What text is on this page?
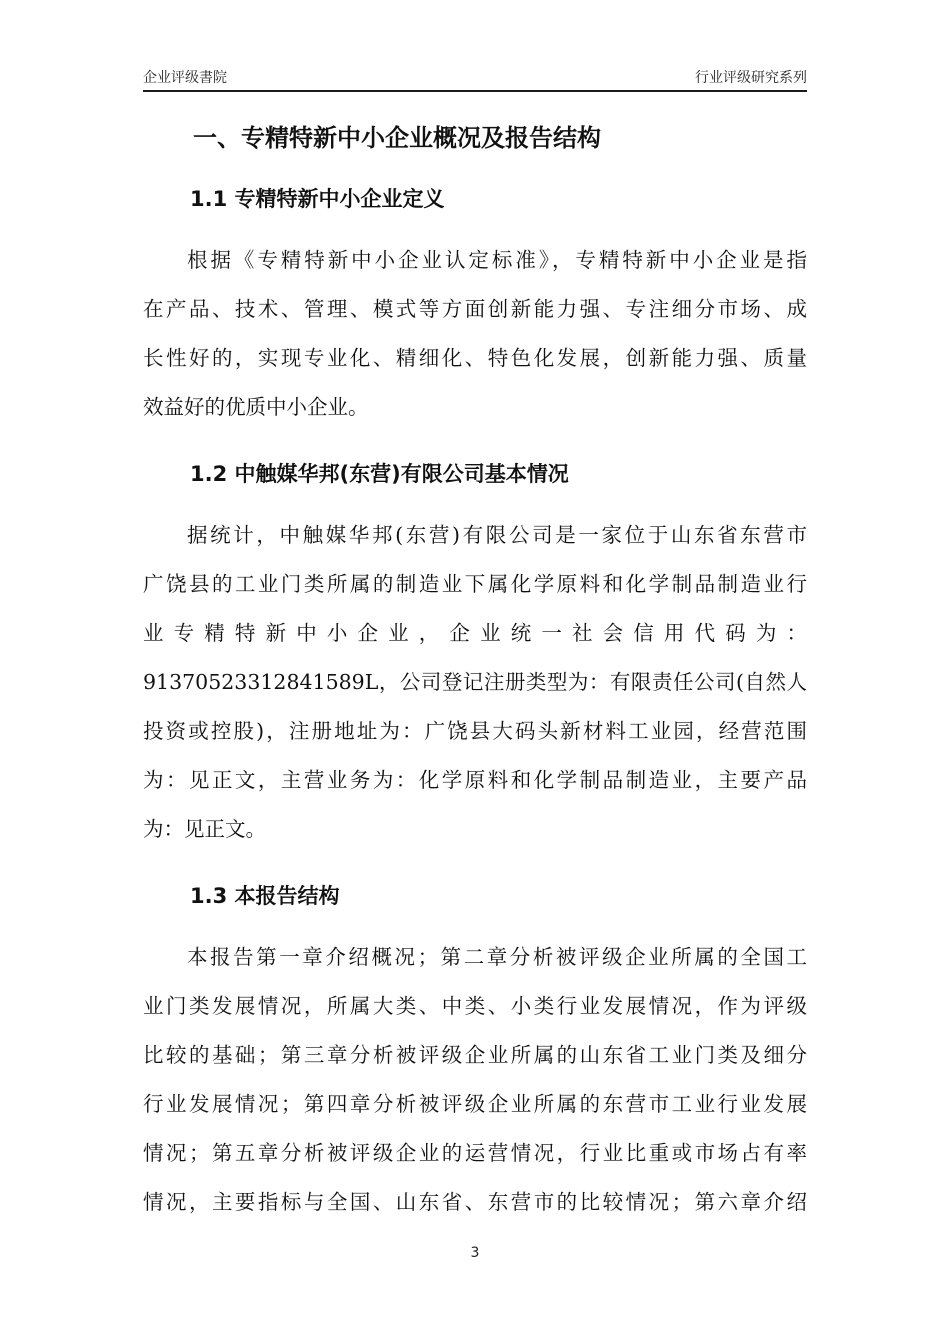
企业评级書院	行业评级研究系列
一、专精特新中小企业概况及报告结构
1.1 专精特新中小企业定义
根据《专精特新中小企业认定标准》，专精特新中小企业是指
在产品、技术、管理、模式等方面创新能力强、专注细分市场、成
长性好的，实现专业化、精细化、特色化发展，创新能力强、质量
效益好的优质中小企业。
1.2 中触媒华邦(东营)有限公司基本情况
据统计，中触媒华邦(东营)有限公司是一家位于山东省东营市
广饶县的工业门类所属的制造业下属化学原料和化学制品制造业行
业 专 精 特 新 中 小 企 业 ， 企 业 统 一 社 会 信 用 代 码 为 ：
91370523312841589L，公司登记注册类型为：有限责任公司(自然人
投资或控股)，注册地址为：广饶县大码头新材料工业园，经营范围
为：见正文，主营业务为：化学原料和化学制品制造业，主要产品
为：见正文。
1.3 本报告结构
本报告第一章介绍概况；第二章分析被评级企业所属的全国工
业门类发展情况，所属大类、中类、小类行业发展情况，作为评级
比较的基础；第三章分析被评级企业所属的山东省工业门类及细分
行业发展情况；第四章分析被评级企业所属的东营市工业行业发展
情况；第五章分析被评级企业的运营情况，行业比重或市场占有率
情况，主要指标与全国、山东省、东营市的比较情况；第六章介绍
3
